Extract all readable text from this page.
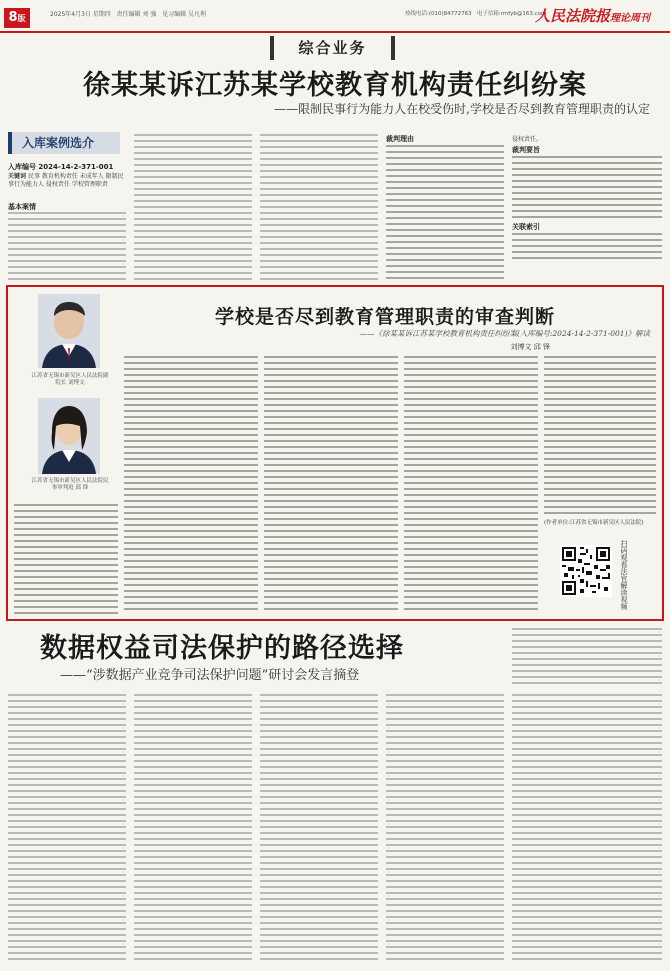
8版	2025年4月3日 星期四 责任编辑 刘 强 见习编辑 吴凡利	热线电话:(010)84772763 电子信箱:rmfyb@163.com
人民法院报理论周刊
综合业务
徐某某诉江苏某学校教育机构责任纠纷案
——限制民事行为能力人在校受伤时,学校是否尽到教育管理职责的认定
入库案例选介
入库编号 2024-14-2-371-001
关键词 民事 教育机构责任 未成年人 限制民事行为能力人 侵权责任 学校管理职责
基本案情
裁判理由	侵权责任。
裁判要旨
关联索引
学校是否尽到教育管理职责的审查判断
——《徐某某诉江苏某学校教育机构责任纠纷案(入库编号:2024-14-2-371-001)》解读
刘博文 邱 锋
江苏省无锡市新吴区人民法院副院长 刘博文
江苏省无锡市新吴区人民法院民事审判庭 邱 锋
(作者单位:江苏省无锡市新吴区人民法院)
扫码观看法官解读视频
数据权益司法保护的路径选择
——“涉数据产业竞争司法保护问题”研讨会发言摘登
